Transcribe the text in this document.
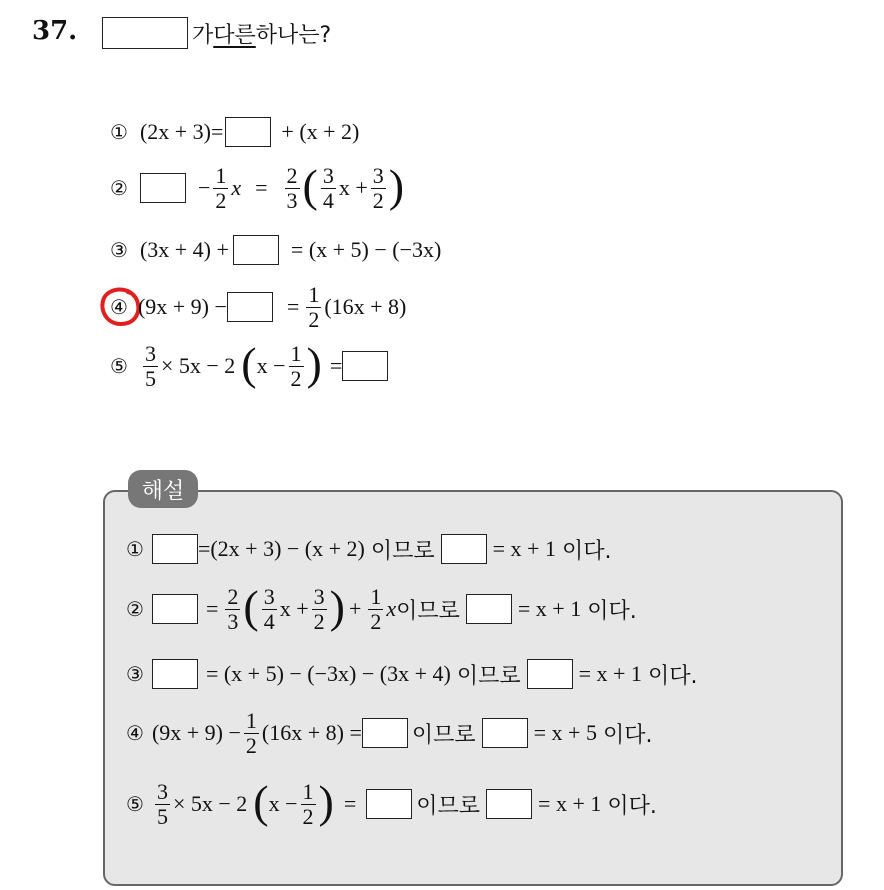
37.	가 다른 하나는?
① (2x + 3)=	+ (x + 2)
②	− $\frac{1}{2}$ $x = \frac{2}{3}$ ( $\frac{3}{4}$ $x + \frac{3}{2}$ )
③ (3x + 4) +	= (x + 5) − (−3x)
④ (9x + 9) −	= $\frac{1}{2} (16x + 8)$
⑤ $\frac{3}{5} \times 5x - 2$ ( $x - \frac{1}{2}$ ) =
해설
① =(2x + 3) − (x + 2) 이므로	= x + 1 이다.
②	= $\frac{2}{3}$ ( $\frac{3}{4}$ $x + \frac{3}{2}$ ) + $\frac{1}{2}$ x 이므로	= x + 1 이다.
③	= (x + 5) − (−3x) − (3x + 4) 이므로	= x + 1 이다.
④ $(9x + 9) - \frac{1}{2} (16x + 8)$ = 이므로	= x + 5 이다.
⑤ $\frac{3}{5} \times 5x - 2$ ( $x - \frac{1}{2}$ ) =	이므로	= x + 1 이다.
